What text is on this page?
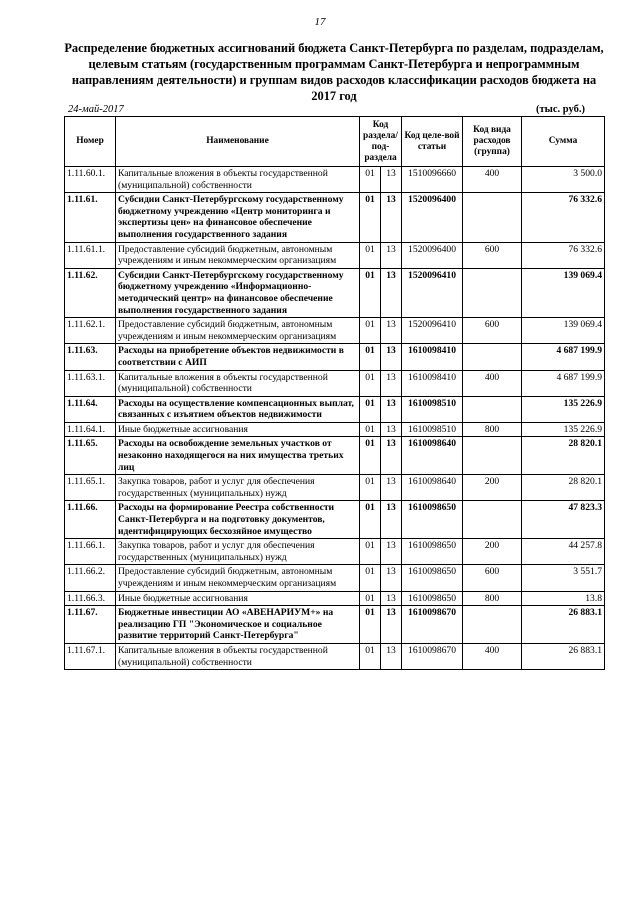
17
Распределение бюджетных ассигнований бюджета Санкт-Петербурга по разделам, подразделам, целевым статьям (государственным программам Санкт-Петербурга и непрограммным направлениям деятельности) и группам видов расходов классификации расходов бюджета на 2017 год
24-май-2017	(тыс. руб.)
Номер	Наименование	Код раздела/ под-раздела		Код целе-вой статьи	Код вида расходов (группа)	Сумма
1.11.60.1.	Капитальные вложения в объекты государственной (муниципальной) собственности	01	13	1510096660	400	3 500.0
1.11.61.	Субсидии Санкт-Петербургскому государственному бюджетному учреждению «Центр мониторинга и экспертизы цен» на финансовое обеспечение выполнения государственного задания	01	13	1520096400		76 332.6
1.11.61.1.	Предоставление субсидий бюджетным, автономным учреждениям и иным некоммерческим организациям	01	13	1520096400	600	76 332.6
1.11.62.	Субсидии Санкт-Петербургскому государственному бюджетному учреждению «Информационно-методический центр» на финансовое обеспечение выполнения государственного задания	01	13	1520096410		139 069.4
1.11.62.1.	Предоставление субсидий бюджетным, автономным учреждениям и иным некоммерческим организациям	01	13	1520096410	600	139 069.4
1.11.63.	Расходы на приобретение объектов недвижимости в соответствии с АИП	01	13	1610098410		4 687 199.9
1.11.63.1.	Капитальные вложения в объекты государственной (муниципальной) собственности	01	13	1610098410	400	4 687 199.9
1.11.64.	Расходы на осуществление компенсационных выплат, связанных с изъятием объектов недвижимости	01	13	1610098510		135 226.9
1.11.64.1.	Иные бюджетные ассигнования	01	13	1610098510	800	135 226.9
1.11.65.	Расходы на освобождение земельных участков от незаконно находящегося на них имущества третьих лиц	01	13	1610098640		28 820.1
1.11.65.1.	Закупка товаров, работ и услуг для обеспечения государственных (муниципальных) нужд	01	13	1610098640	200	28 820.1
1.11.66.	Расходы на формирование Реестра собственности Санкт-Петербурга и на подготовку документов, идентифицирующих бесхозяйное имущество	01	13	1610098650		47 823.3
1.11.66.1.	Закупка товаров, работ и услуг для обеспечения государственных (муниципальных) нужд	01	13	1610098650	200	44 257.8
1.11.66.2.	Предоставление субсидий бюджетным, автономным учреждениям и иным некоммерческим организациям	01	13	1610098650	600	3 551.7
1.11.66.3.	Иные бюджетные ассигнования	01	13	1610098650	800	13.8
1.11.67.	Бюджетные инвестиции АО «АВЕНАРИУМ+» на реализацию ГП "Экономическое и социальное развитие территорий Санкт-Петербурга"	01	13	1610098670		26 883.1
1.11.67.1.	Капитальные вложения в объекты государственной (муниципальной) собственности	01	13	1610098670	400	26 883.1
